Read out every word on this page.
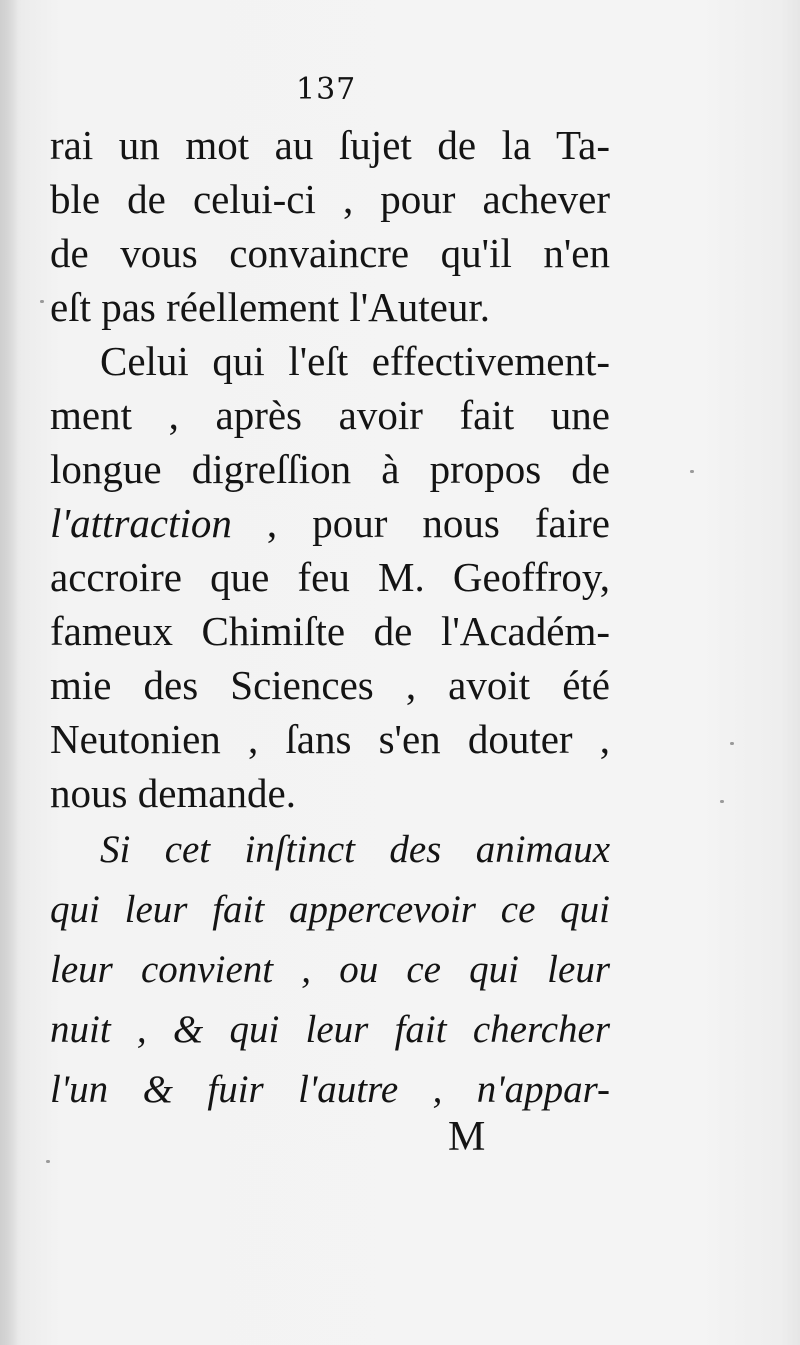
137
rai un mot au ſujet de la Ta-
ble de celui-ci , pour achever
de vous convaincre qu'il n'en
eſt pas réellement l'Auteur.
Celui qui l'eſt effectivement-
ment , après avoir fait une
longue digreſſion à propos de
l'attraction , pour nous faire
accroire que feu M. Geoffroy,
fameux Chimiſte de l'Académ-
mie des Sciences , avoit été
Neutonien , ſans s'en douter ,
nous demande.
Si cet inſtinct des animaux
qui leur fait appercevoir ce qui
leur convient , ou ce qui leur
nuit , & qui leur fait chercher
l'un & fuir l'autre , n'appar-
M
